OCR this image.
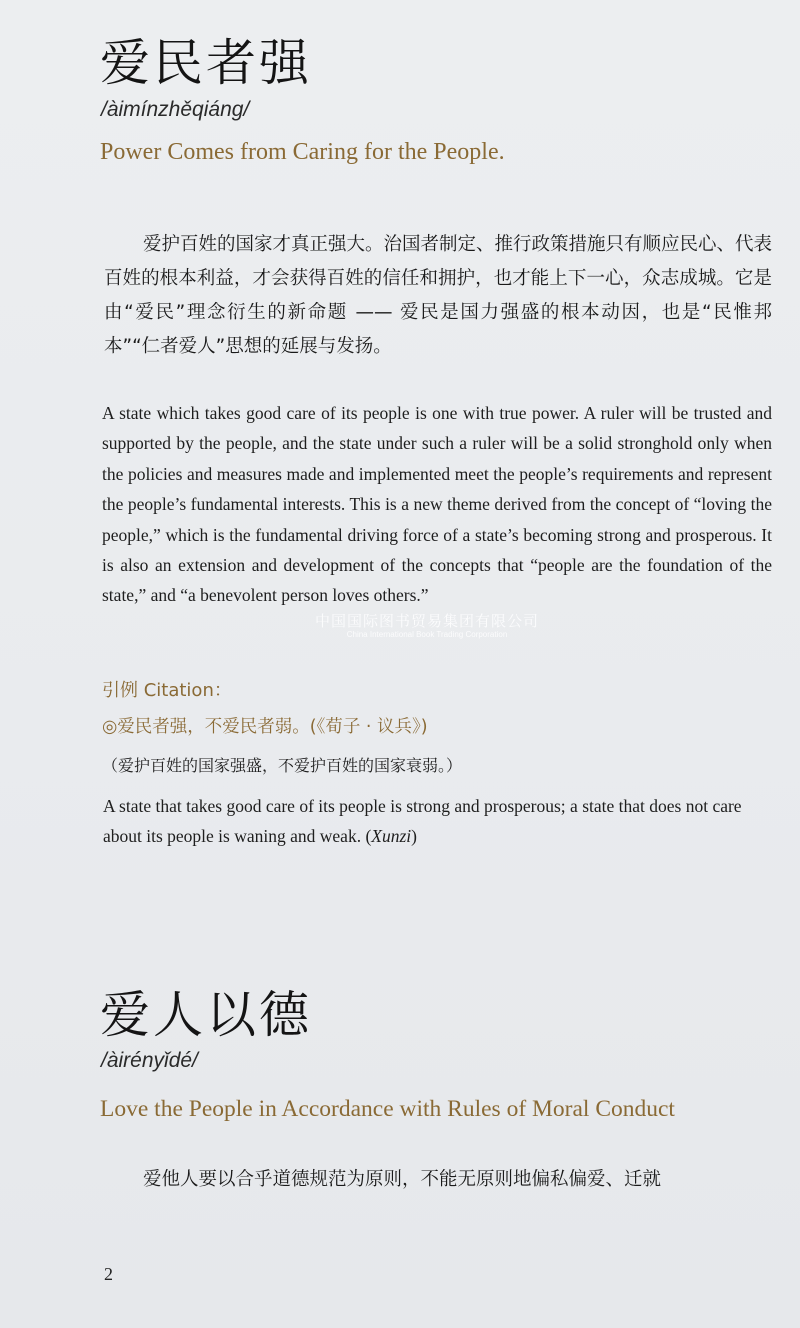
爱民者强
/àimínzhěqiáng/
Power Comes from Caring for the People.

爱护百姓的国家才真正强大。治国者制定、推行政策措施只有顺应民心、代表百姓的根本利益，才会获得百姓的信任和拥护，也才能上下一心，众志成城。它是由“爱民”理念衍生的新命题 —— 爱民是国力强盛的根本动因，也是“民惟邦本”“仁者爱人”思想的延展与发扬。

A state which takes good care of its people is one with true power. A ruler will be trusted and supported by the people, and the state under such a ruler will be a solid stronghold only when the policies and measures made and implemented meet the people’s requirements and represent the people’s fundamental interests. This is a new theme derived from the concept of “loving the people,” which is the fundamental driving force of a state’s becoming strong and prosperous. It is also an extension and development of the concepts that “people are the foundation of the state,” and “a benevolent person loves others.”

引例 Citation：
◎爱民者强，不爱民者弱。(《荀子 · 议兵》)
（爱护百姓的国家强盛，不爱护百姓的国家衰弱。）

A state that takes good care of its people is strong and prosperous; a state that does not care about its people is waning and weak. (Xunzi)

中国国际图书贸易集团有限公司
China International Book Trading Corporation
爱人以德
/àirényǐdé/
Love the People in Accordance with Rules of Moral Conduct

爱他人要以合乎道德规范为原则，不能无原则地偏私偏爱、迁就

2
